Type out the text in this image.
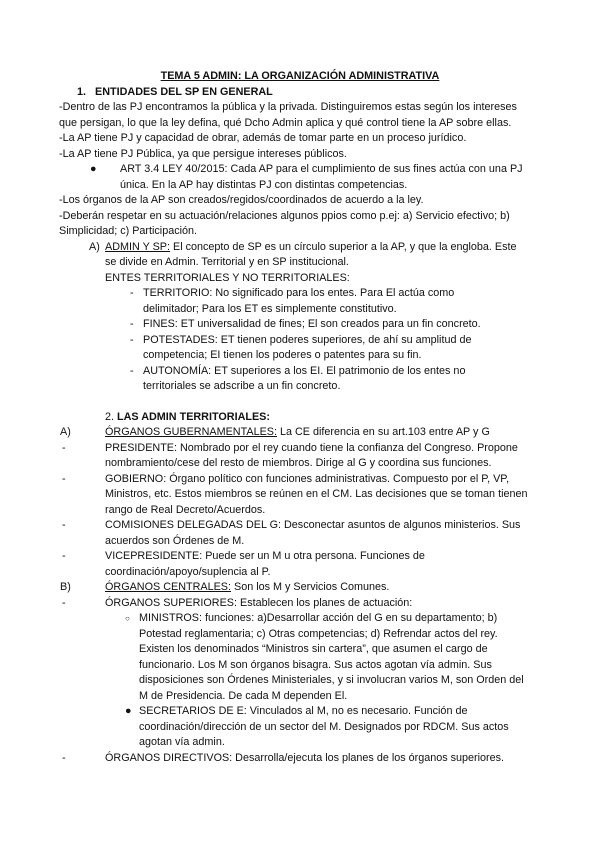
TEMA 5 ADMIN: LA ORGANIZACIÓN ADMINISTRATIVA
1. ENTIDADES DEL SP EN GENERAL

-Dentro de las PJ encontramos la pública y la privada. Distinguiremos estas según los intereses que persigan, lo que la ley defina, qué Dcho Admin aplica y qué control tiene la AP sobre ellas.

-La AP tiene PJ y capacidad de obrar, además de tomar parte en un proceso jurídico.

-La AP tiene PJ Pública, ya que persigue intereses públicos.

● ART 3.4 LEY 40/2015: Cada AP para el cumplimiento de sus fines actúa con una PJ única. En la AP hay distintas PJ con distintas competencias.

-Los órganos de la AP son creados/regidos/coordinados de acuerdo a la ley.

-Deberán respetar en su actuación/relaciones algunos ppios como p.ej: a) Servicio efectivo; b) Simplicidad; c) Participación.

A) ADMIN Y SP: El concepto de SP es un círculo superior a la AP, y que la engloba. Este se divide en Admin. Territorial y en SP institucional.
ENTES TERRITORIALES Y NO TERRITORIALES:
- TERRITORIO: No significado para los entes. Para El actúa como delimitador; Para los ET es simplemente constitutivo.
- FINES: ET universalidad de fines; El son creados para un fin concreto.
- POTESTADES: ET tienen poderes superiores, de ahí su amplitud de competencia; EI tienen los poderes o patentes para su fin.
- AUTONOMÍA: ET superiores a los EI. El patrimonio de los entes no territoriales se adscribe a un fin concreto.
2. LAS ADMIN TERRITORIALES:
A)	ÓRGANOS GUBERNAMENTALES: La CE diferencia en su art.103 entre AP y G
-	PRESIDENTE: Nombrado por el rey cuando tiene la confianza del Congreso. Propone nombramiento/cese del resto de miembros. Dirige al G y coordina sus funciones.
-	GOBIERNO: Órgano político con funciones administrativas. Compuesto por el P, VP, Ministros, etc. Estos miembros se reúnen en el CM. Las decisiones que se toman tienen rango de Real Decreto/Acuerdos.
-	COMISIONES DELEGADAS DEL G: Desconectar asuntos de algunos ministerios. Sus acuerdos son Órdenes de M.
-	VICEPRESIDENTE: Puede ser un M u otra persona. Funciones de coordinación/apoyo/suplencia al P.
B)	ÓRGANOS CENTRALES: Son los M y Servicios Comunes.
-	ÓRGANOS SUPERIORES: Establecen los planes de actuación:
○ MINISTROS: funciones: a)Desarrollar acción del G en su departamento; b) Potestad reglamentaria; c) Otras competencias; d) Refrendar actos del rey. Existen los denominados “Ministros sin cartera”, que asumen el cargo de funcionario. Los M son órganos bisagra. Sus actos agotan vía admin. Sus disposiciones son Órdenes Ministeriales, y si involucran varios M, son Orden del M de Presidencia. De cada M dependen El.
● SECRETARIOS DE E: Vinculados al M, no es necesario. Función de coordinación/dirección de un sector del M. Designados por RDCM. Sus actos agotan vía admin.
-	ÓRGANOS DIRECTIVOS: Desarrolla/ejecuta los planes de los órganos superiores.
